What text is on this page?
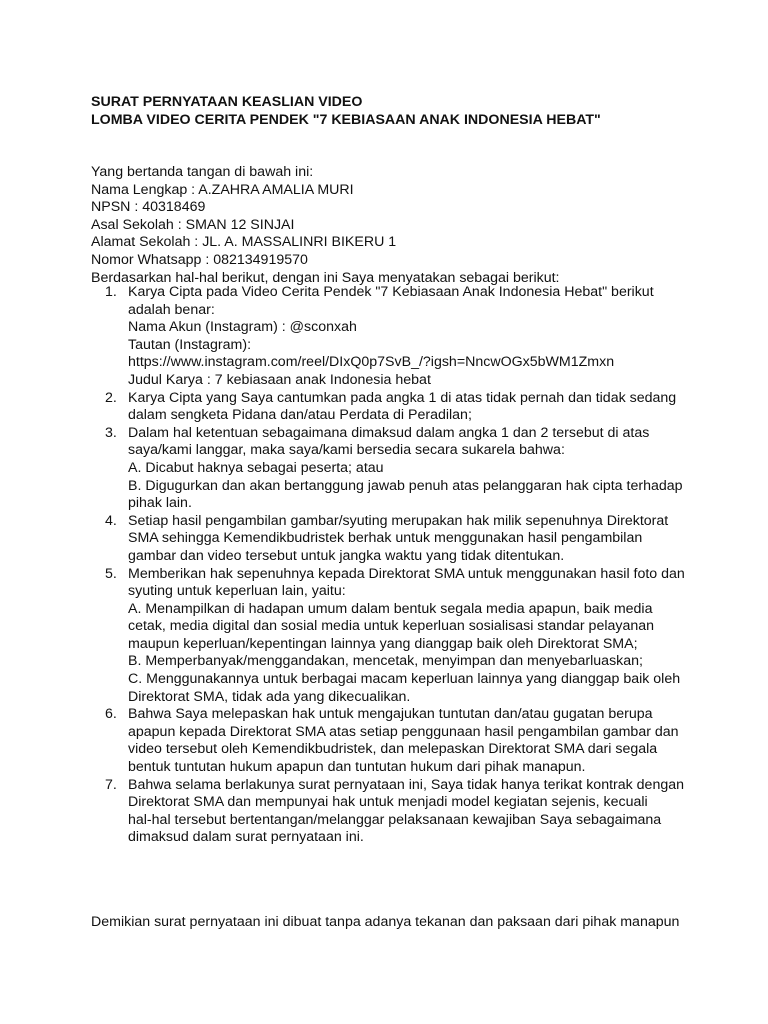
SURAT PERNYATAAN KEASLIAN VIDEO

LOMBA VIDEO CERITA PENDEK "7 KEBIASAAN ANAK INDONESIA HEBAT"

Yang bertanda tangan di bawah ini:

Nama Lengkap : A.ZAHRA AMALIA MURI

NPSN : 40318469

Asal Sekolah : SMAN 12 SINJAI

Alamat Sekolah : JL. A. MASSALINRI BIKERU 1

Nomor Whatsapp : 082134919570

Berdasarkan hal-hal berikut, dengan ini Saya menyatakan sebagai berikut:

1. Karya Cipta pada Video Cerita Pendek "7 Kebiasaan Anak Indonesia Hebat" berikut

adalah benar:

Nama Akun (Instagram) : @sconxah

Tautan (Instagram):

https://www.instagram.com/reel/DIxQ0p7SvB_/?igsh=NncwOGx5bWM1Zmxn

Judul Karya : 7 kebiasaan anak Indonesia hebat

2. Karya Cipta yang Saya cantumkan pada angka 1 di atas tidak pernah dan tidak sedang

dalam sengketa Pidana dan/atau Perdata di Peradilan;

3. Dalam hal ketentuan sebagaimana dimaksud dalam angka 1 dan 2 tersebut di atas

saya/kami langgar, maka saya/kami bersedia secara sukarela bahwa:

A. Dicabut haknya sebagai peserta; atau

B. Digugurkan dan akan bertanggung jawab penuh atas pelanggaran hak cipta terhadap

pihak lain.

4. Setiap hasil pengambilan gambar/syuting merupakan hak milik sepenuhnya Direktorat

SMA sehingga Kemendikbudristek berhak untuk menggunakan hasil pengambilan

gambar dan video tersebut untuk jangka waktu yang tidak ditentukan.

5. Memberikan hak sepenuhnya kepada Direktorat SMA untuk menggunakan hasil foto dan

syuting untuk keperluan lain, yaitu:

A. Menampilkan di hadapan umum dalam bentuk segala media apapun, baik media

cetak, media digital dan sosial media untuk keperluan sosialisasi standar pelayanan

maupun keperluan/kepentingan lainnya yang dianggap baik oleh Direktorat SMA;

B. Memperbanyak/menggandakan, mencetak, menyimpan dan menyebarluaskan;

C. Menggunakannya untuk berbagai macam keperluan lainnya yang dianggap baik oleh

Direktorat SMA, tidak ada yang dikecualikan.

6. Bahwa Saya melepaskan hak untuk mengajukan tuntutan dan/atau gugatan berupa

apapun kepada Direktorat SMA atas setiap penggunaan hasil pengambilan gambar dan

video tersebut oleh Kemendikbudristek, dan melepaskan Direktorat SMA dari segala

bentuk tuntutan hukum apapun dan tuntutan hukum dari pihak manapun.

7. Bahwa selama berlakunya surat pernyataan ini, Saya tidak hanya terikat kontrak dengan

Direktorat SMA dan mempunyai hak untuk menjadi model kegiatan sejenis, kecuali

hal-hal tersebut bertentangan/melanggar pelaksanaan kewajiban Saya sebagaimana

dimaksud dalam surat pernyataan ini.

Demikian surat pernyataan ini dibuat tanpa adanya tekanan dan paksaan dari pihak manapun
